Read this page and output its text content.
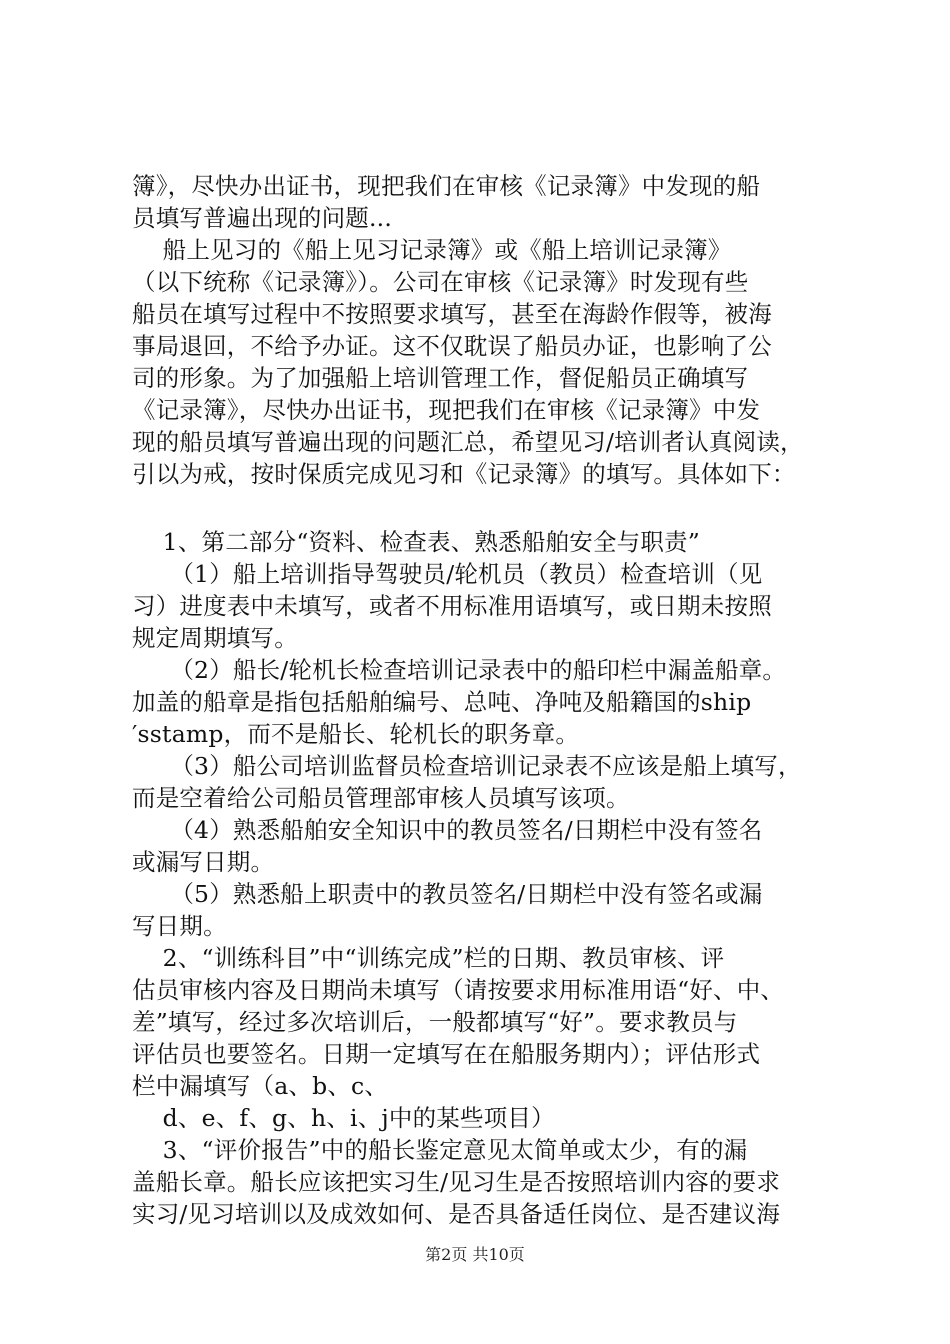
簿》，尽快办出证书，现把我们在审核《记录簿》中发现的船
员填写普遍出现的问题...
船上见习的《船上见习记录簿》或《船上培训记录簿》
（以下统称《记录簿》）。公司在审核《记录簿》时发现有些
船员在填写过程中不按照要求填写，甚至在海龄作假等，被海
事局退回，不给予办证。这不仅耽误了船员办证，也影响了公
司的形象。为了加强船上培训管理工作，督促船员正确填写
《记录簿》，尽快办出证书，现把我们在审核《记录簿》中发
现的船员填写普遍出现的问题汇总，希望见习/培训者认真阅读，
引以为戒，按时保质完成见习和《记录簿》的填写。具体如下：
1、第二部分“资料、检查表、熟悉船舶安全与职责”
（1）船上培训指导驾驶员/轮机员（教员）检查培训（见
习）进度表中未填写，或者不用标准用语填写，或日期未按照
规定周期填写。
（2）船长/轮机长检查培训记录表中的船印栏中漏盖船章。
加盖的船章是指包括船舶编号、总吨、净吨及船籍国的ship
′sstamp，而不是船长、轮机长的职务章。
（3）船公司培训监督员检查培训记录表不应该是船上填写，
而是空着给公司船员管理部审核人员填写该项。
（4）熟悉船舶安全知识中的教员签名/日期栏中没有签名
或漏写日期。
（5）熟悉船上职责中的教员签名/日期栏中没有签名或漏
写日期。
2、“训练科目”中“训练完成”栏的日期、教员审核、评
估员审核内容及日期尚未填写（请按要求用标准用语“好、中、
差”填写，经过多次培训后，一般都填写“好”。要求教员与
评估员也要签名。日期一定填写在在船服务期内）；评估形式
栏中漏填写（a、b、c、
d、e、f、g、h、i、j中的某些项目）
3、“评价报告”中的船长鉴定意见太简单或太少，有的漏
盖船长章。船长应该把实习生/见习生是否按照培训内容的要求
实习/见习培训以及成效如何、是否具备适任岗位、是否建议海
第2页 共10页
